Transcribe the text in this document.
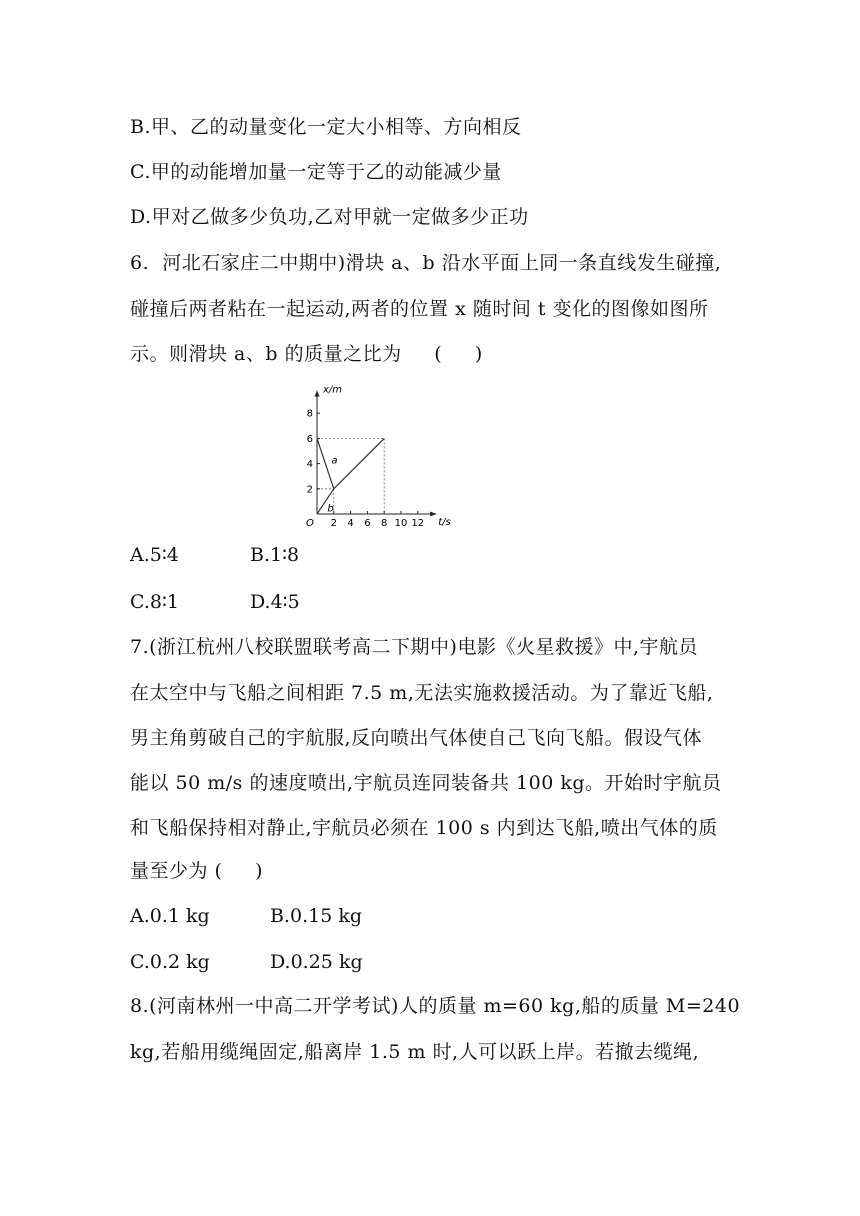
B.甲、乙的动量变化一定大小相等、方向相反
C.甲的动能增加量一定等于乙的动能减少量
D.甲对乙做多少负功,乙对甲就一定做多少正功
6.  河北石家庄二中期中)滑块 a、b 沿水平面上同一条直线发生碰撞,
碰撞后两者粘在一起运动,两者的位置 x 随时间 t 变化的图像如图所
示。则滑块 a、b 的质量之比为     (     )
t/s
x/m
O
a
b
2 4 6 8 10 12
2
4
6
8
A.5∶4	B.1∶8
C.8∶1	D.4∶5
7.(浙江杭州八校联盟联考高二下期中)电影《火星救援》中,宇航员
在太空中与飞船之间相距 7.5 m,无法实施救援活动。为了靠近飞船,
男主角剪破自己的宇航服,反向喷出气体使自己飞向飞船。假设气体
能以 50 m/s 的速度喷出,宇航员连同装备共 100 kg。开始时宇航员
和飞船保持相对静止,宇航员必须在 100 s 内到达飞船,喷出气体的质
量至少为 (     )
A.0.1 kg	B.0.15 kg
C.0.2 kg	D.0.25 kg
8.(河南林州一中高二开学考试)人的质量 m=60 kg,船的质量 M=240
kg,若船用缆绳固定,船离岸 1.5 m 时,人可以跃上岸。若撤去缆绳,
